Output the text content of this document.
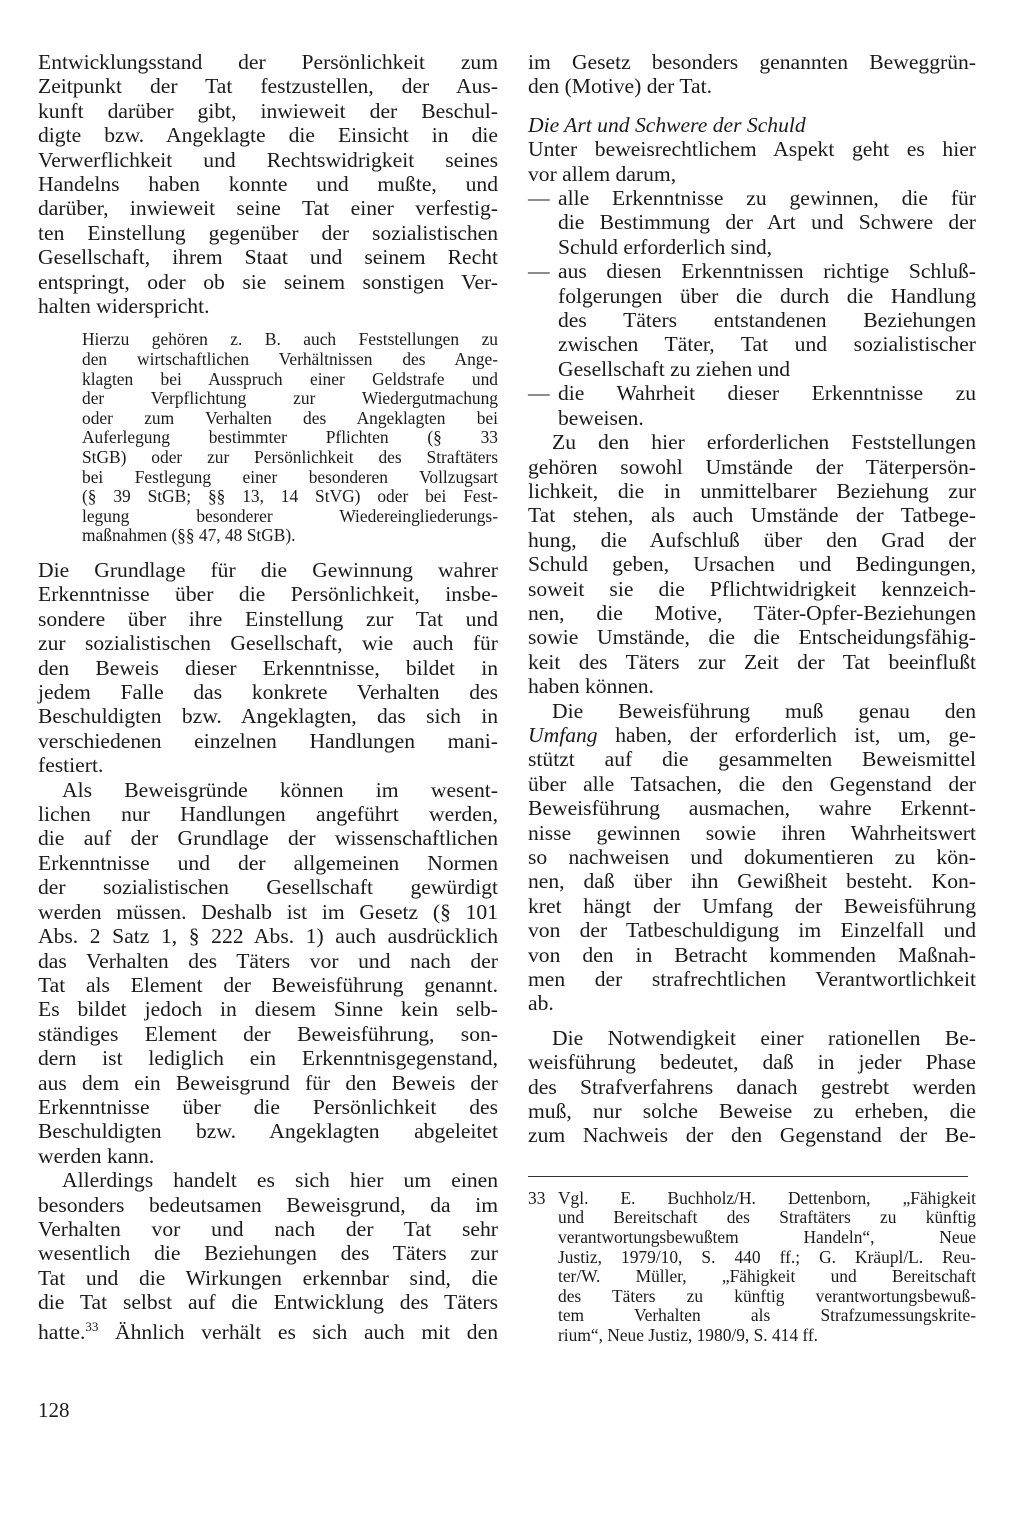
Entwicklungsstand der Persönlichkeit zum
Zeitpunkt der Tat festzustellen, der Aus-
kunft darüber gibt, inwieweit der Beschul-
digte bzw. Angeklagte die Einsicht in die
Verwerflichkeit und Rechtswidrigkeit seines
Handelns haben konnte und mußte, und
darüber, inwieweit seine Tat einer verfestig-
ten Einstellung gegenüber der sozialistischen
Gesellschaft, ihrem Staat und seinem Recht
entspringt, oder ob sie seinem sonstigen Ver-
halten widerspricht.
Hierzu gehören z. B. auch Feststellungen zu
den wirtschaftlichen Verhältnissen des Ange-
klagten bei Ausspruch einer Geldstrafe und
der Verpflichtung zur Wiedergutmachung
oder zum Verhalten des Angeklagten bei
Auferlegung bestimmter Pflichten (§ 33
StGB) oder zur Persönlichkeit des Straftäters
bei Festlegung einer besonderen Vollzugsart
(§ 39 StGB; §§ 13, 14 StVG) oder bei Fest-
legung besonderer Wiedereingliederungs-
maßnahmen (§§ 47, 48 StGB).
Die Grundlage für die Gewinnung wahrer
Erkenntnisse über die Persönlichkeit, insbe-
sondere über ihre Einstellung zur Tat und
zur sozialistischen Gesellschaft, wie auch für
den Beweis dieser Erkenntnisse, bildet in
jedem Falle das konkrete Verhalten des
Beschuldigten bzw. Angeklagten, das sich in
verschiedenen einzelnen Handlungen mani-
festiert.
Als Beweisgründe können im wesent-
lichen nur Handlungen angeführt werden,
die auf der Grundlage der wissenschaftlichen
Erkenntnisse und der allgemeinen Normen
der sozialistischen Gesellschaft gewürdigt
werden müssen. Deshalb ist im Gesetz (§ 101
Abs. 2 Satz 1, § 222 Abs. 1) auch ausdrücklich
das Verhalten des Täters vor und nach der
Tat als Element der Beweisführung genannt.
Es bildet jedoch in diesem Sinne kein selb-
ständiges Element der Beweisführung, son-
dern ist lediglich ein Erkenntnisgegenstand,
aus dem ein Beweisgrund für den Beweis der
Erkenntnisse über die Persönlichkeit des
Beschuldigten bzw. Angeklagten abgeleitet
werden kann.
Allerdings handelt es sich hier um einen
besonders bedeutsamen Beweisgrund, da im
Verhalten vor und nach der Tat sehr
wesentlich die Beziehungen des Täters zur
Tat und die Wirkungen erkennbar sind, die
die Tat selbst auf die Entwicklung des Täters
hatte.$^{33}$ Ähnlich verhält es sich auch mit den
im Gesetz besonders genannten Beweggrün-
den (Motive) der Tat.
Die Art und Schwere der Schuld
Unter beweisrechtlichem Aspekt geht es hier
vor allem darum,
— alle Erkenntnisse zu gewinnen, die für
die Bestimmung der Art und Schwere der
Schuld erforderlich sind,
— aus diesen Erkenntnissen richtige Schluß-
folgerungen über die durch die Handlung
des Täters entstandenen Beziehungen
zwischen Täter, Tat und sozialistischer
Gesellschaft zu ziehen und
— die Wahrheit dieser Erkenntnisse zu
beweisen.
Zu den hier erforderlichen Feststellungen
gehören sowohl Umstände der Täterpersön-
lichkeit, die in unmittelbarer Beziehung zur
Tat stehen, als auch Umstände der Tatbege-
hung, die Aufschluß über den Grad der
Schuld geben, Ursachen und Bedingungen,
soweit sie die Pflichtwidrigkeit kennzeich-
nen, die Motive, Täter-Opfer-Beziehungen
sowie Umstände, die die Entscheidungsfähig-
keit des Täters zur Zeit der Tat beeinflußt
haben können.
Die Beweisführung muß genau den
Umfang haben, der erforderlich ist, um, ge-
stützt auf die gesammelten Beweismittel
über alle Tatsachen, die den Gegenstand der
Beweisführung ausmachen, wahre Erkennt-
nisse gewinnen sowie ihren Wahrheitswert
so nachweisen und dokumentieren zu kön-
nen, daß über ihn Gewißheit besteht. Kon-
kret hängt der Umfang der Beweisführung
von der Tatbeschuldigung im Einzelfall und
von den in Betracht kommenden Maßnah-
men der strafrechtlichen Verantwortlichkeit
ab.
Die Notwendigkeit einer rationellen Be-
weisführung bedeutet, daß in jeder Phase
des Strafverfahrens danach gestrebt werden
muß, nur solche Beweise zu erheben, die
zum Nachweis der den Gegenstand der Be-
33 Vgl. E. Buchholz/H. Dettenborn, „Fähigkeit
und Bereitschaft des Straftäters zu künftig
verantwortungsbewußtem Handeln“, Neue
Justiz, 1979/10, S. 440 ff.; G. Kräupl/L. Reu-
ter/W. Müller, „Fähigkeit und Bereitschaft
des Täters zu künftig verantwortungsbewuß-
tem Verhalten als Strafzumessungskrite-
rium“, Neue Justiz, 1980/9, S. 414 ff.
128
